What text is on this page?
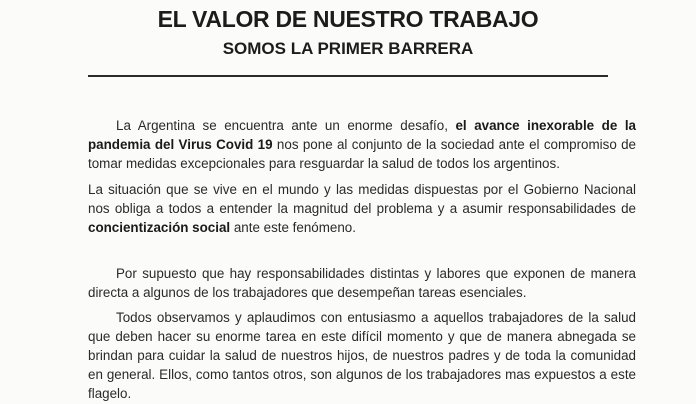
EL VALOR DE NUESTRO TRABAJO
SOMOS LA PRIMER BARRERA
La Argentina se encuentra ante un enorme desafío, el avance inexorable de la pandemia del Virus Covid 19 nos pone al conjunto de la sociedad ante el compromiso de tomar medidas excepcionales para resguardar la salud de todos los argentinos.
La situación que se vive en el mundo y las medidas dispuestas por el Gobierno Nacional nos obliga a todos a entender la magnitud del problema y a asumir responsabilidades de concientización social ante este fenómeno.
Por supuesto que hay responsabilidades distintas y labores que exponen de manera directa a algunos de los trabajadores que desempeñan tareas esenciales.
Todos observamos y aplaudimos con entusiasmo a aquellos trabajadores de la salud que deben hacer su enorme tarea en este difícil momento y que de manera abnegada se brindan para cuidar la salud de nuestros hijos, de nuestros padres y de toda la comunidad en general. Ellos, como tantos otros, son algunos de los trabajadores mas expuestos a este flagelo.
